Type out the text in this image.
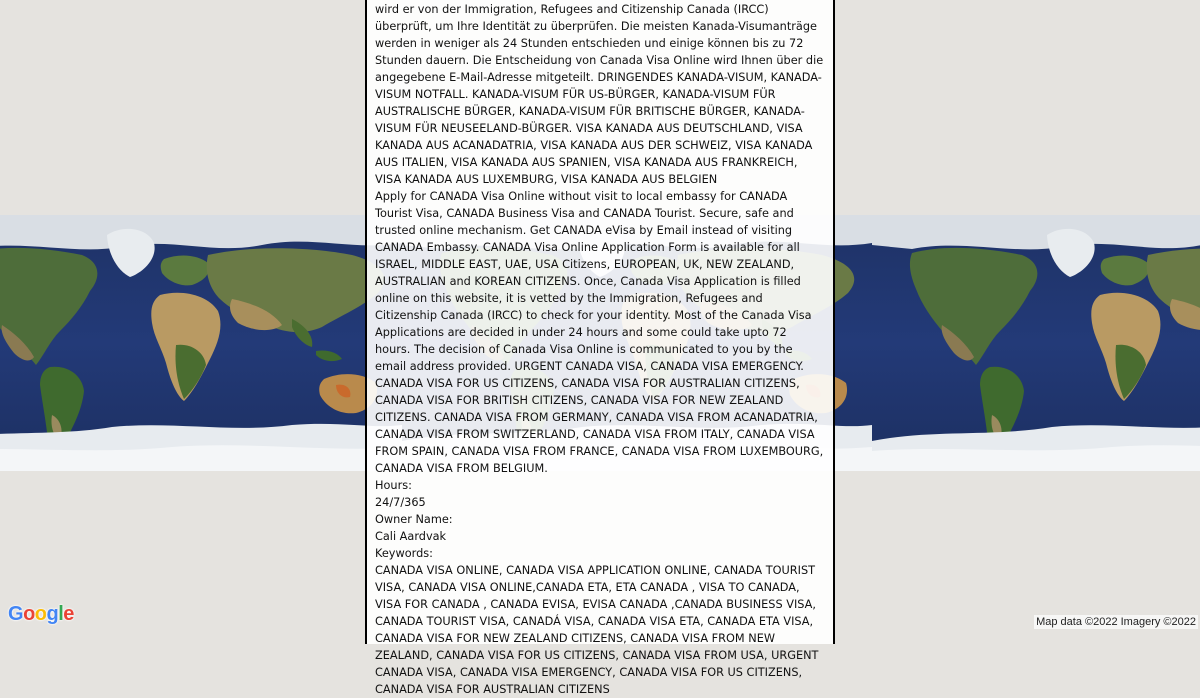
Google	Map data ©2022 Imagery ©2022

wird er von der Immigration, Refugees and Citizenship Canada (IRCC) überprüft, um Ihre Identität zu überprüfen. Die meisten Kanada-Visumanträge werden in weniger als 24 Stunden entschieden und einige können bis zu 72 Stunden dauern. Die Entscheidung von Canada Visa Online wird Ihnen über die angegebene E-Mail-Adresse mitgeteilt. DRINGENDES KANADA-VISUM, KANADA-VISUM NOTFALL. KANADA-VISUM FÜR US-BÜRGER, KANADA-VISUM FÜR AUSTRALISCHE BÜRGER, KANADA-VISUM FÜR BRITISCHE BÜRGER, KANADA-VISUM FÜR NEUSEELAND-BÜRGER. VISA KANADA AUS DEUTSCHLAND, VISA KANADA AUS ACANADATRIA, VISA KANADA AUS DER SCHWEIZ, VISA KANADA AUS ITALIEN, VISA KANADA AUS SPANIEN, VISA KANADA AUS FRANKREICH, VISA KANADA AUS LUXEMBURG, VISA KANADA AUS BELGIEN

Apply for CANADA Visa Online without visit to local embassy for CANADA Tourist Visa, CANADA Business Visa and CANADA Tourist. Secure, safe and trusted online mechanism. Get CANADA eVisa by Email instead of visiting CANADA Embassy. CANADA Visa Online Application Form is available for all ISRAEL, MIDDLE EAST, UAE, USA Citizens, EUROPEAN, UK, NEW ZEALAND, AUSTRALIAN and KOREAN CITIZENS. Once, Canada Visa Application is filled online on this website, it is vetted by the Immigration, Refugees and Citizenship Canada (IRCC) to check for your identity. Most of the Canada Visa Applications are decided in under 24 hours and some could take upto 72 hours. The decision of Canada Visa Online is communicated to you by the email address provided. URGENT CANADA VISA, CANADA VISA EMERGENCY. CANADA VISA FOR US CITIZENS, CANADA VISA FOR AUSTRALIAN CITIZENS, CANADA VISA FOR BRITISH CITIZENS, CANADA VISA FOR NEW ZEALAND CITIZENS. CANADA VISA FROM GERMANY, CANADA VISA FROM ACANADATRIA, CANADA VISA FROM SWITZERLAND, CANADA VISA FROM ITALY, CANADA VISA FROM SPAIN, CANADA VISA FROM FRANCE, CANADA VISA FROM LUXEMBOURG, CANADA VISA FROM BELGIUM.

Hours:

24/7/365

Owner Name:

Cali Aardvak

Keywords:

CANADA VISA ONLINE, CANADA VISA APPLICATION ONLINE, CANADA TOURIST VISA, CANADA VISA ONLINE,CANADA ETA, ETA CANADA , VISA TO CANADA, VISA FOR CANADA , CANADA EVISA, EVISA CANADA ,CANADA BUSINESS VISA, CANADA TOURIST VISA, CANADÁ VISA, CANADA VISA ETA, CANADA ETA VISA, CANADA VISA FOR NEW ZEALAND CITIZENS, CANADA VISA FROM NEW ZEALAND, CANADA VISA FOR US CITIZENS, CANADA VISA FROM USA, URGENT CANADA VISA, CANADA VISA EMERGENCY, CANADA VISA FOR US CITIZENS, CANADA VISA FOR AUSTRALIAN CITIZENS
